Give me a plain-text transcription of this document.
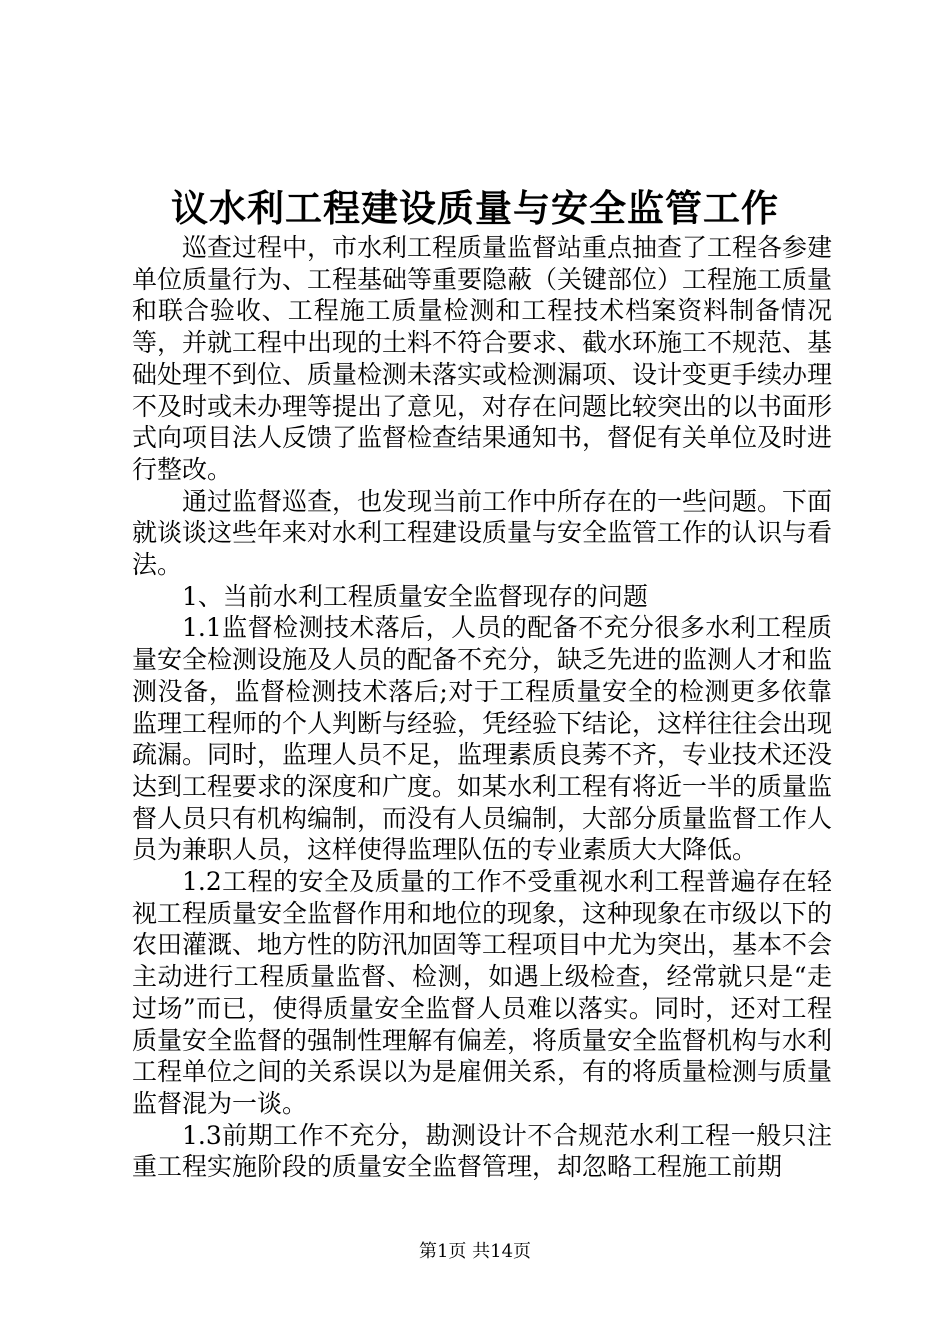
议水利工程建设质量与安全监管工作

巡查过程中，市水利工程质量监督站重点抽查了工程各参建单位质量行为、工程基础等重要隐蔽（关键部位）工程施工质量和联合验收、工程施工质量检测和工程技术档案资料制备情况等，并就工程中出现的土料不符合要求、截水环施工不规范、基础处理不到位、质量检测未落实或检测漏项、设计变更手续办理不及时或未办理等提出了意见，对存在问题比较突出的以书面形式向项目法人反馈了监督检查结果通知书，督促有关单位及时进行整改。

通过监督巡查，也发现当前工作中所存在的一些问题。下面就谈谈这些年来对水利工程建设质量与安全监管工作的认识与看法。

1、当前水利工程质量安全监督现存的问题

1.1监督检测技术落后，人员的配备不充分很多水利工程质量安全检测设施及人员的配备不充分，缺乏先进的监测人才和监测没备，监督检测技术落后;对于工程质量安全的检测更多依靠监理工程师的个人判断与经验，凭经验下结论，这样往往会出现疏漏。同时，监理人员不足，监理素质良莠不齐，专业技术还没达到工程要求的深度和广度。如某水利工程有将近一半的质量监督人员只有机构编制，而没有人员编制，大部分质量监督工作人员为兼职人员，这样使得监理队伍的专业素质大大降低。

1.2工程的安全及质量的工作不受重视水利工程普遍存在轻视工程质量安全监督作用和地位的现象，这种现象在市级以下的农田灌溉、地方性的防汛加固等工程项目中尤为突出，基本不会主动进行工程质量监督、检测，如遇上级检查，经常就只是“走过场”而已，使得质量安全监督人员难以落实。同时，还对工程质量安全监督的强制性理解有偏差，将质量安全监督机构与水利工程单位之间的关系误以为是雇佣关系，有的将质量检测与质量监督混为一谈。

1.3前期工作不充分，勘测设计不合规范水利工程一般只注重工程实施阶段的质量安全监督管理，却忽略工程施工前期

第1页 共14页
